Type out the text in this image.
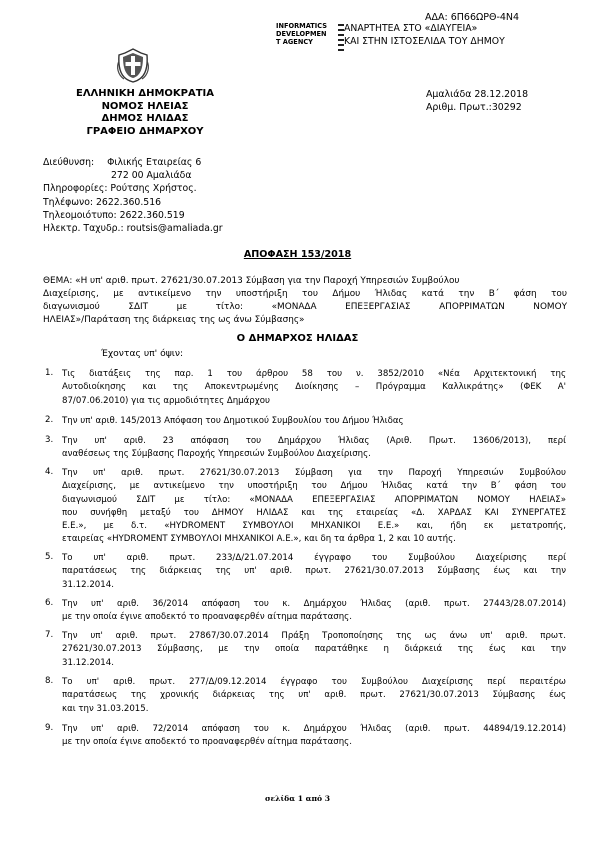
ΑΔΑ: 6Π66ΩΡΘ-4Ν4
INFORMATICS
DEVELOPMEN
T AGENCY
ΑΝΑΡΤΗΤΕΑ ΣΤΟ «ΔΙΑΥΓΕΙΑ»
ΚΑΙ ΣΤΗΝ ΙΣΤΟΣΕΛΙΔΑ ΤΟΥ ΔΗΜΟΥ
ΕΛΛΗΝΙΚΗ ΔΗΜΟΚΡΑΤΙΑ
ΝΟΜΟΣ ΗΛΕΙΑΣ
ΔΗΜΟΣ ΗΛΙΔΑΣ
ΓΡΑΦΕΙΟ ΔΗΜΑΡΧΟΥ
Αμαλιάδα 28.12.2018
Αριθμ. Πρωτ.:30292
Διεύθυνση: Φιλικής Εταιρείας 6
272 00 Αμαλιάδα
Πληροφορίες: Ρούτσης Χρήστος.
Τηλέφωνο: 2622.360.516
Τηλεομοιότυπο: 2622.360.519
Ηλεκτρ. Ταχυδρ.: routsis@amaliada.gr
ΑΠΟΦΑΣΗ 153/2018
ΘΕΜΑ: «Η υπ' αριθ. πρωτ. 27621/30.07.2013 Σύμβαση για την Παροχή Υπηρεσιών Συμβούλου
Διαχείρισης, με αντικείμενο την υποστήριξη του Δήμου Ήλιδας κατά την Β΄ φάση του
διαγωνισμού ΣΔΙΤ με τίτλο: «ΜΟΝΑΔΑ ΕΠΕΞΕΡΓΑΣΙΑΣ ΑΠΟΡΡΙΜΑΤΩΝ ΝΟΜΟΥ
ΗΛΕΙΑΣ»/Παράταση της διάρκειας της ως άνω Σύμβασης»
Ο ΔΗΜΑΡΧΟΣ ΗΛΙΔΑΣ
Έχοντας υπ' όψιν:
1. Τις διατάξεις της παρ. 1 του άρθρου 58 του ν. 3852/2010 «Νέα Αρχιτεκτονική της
Αυτοδιοίκησης και της Αποκεντρωμένης Διοίκησης – Πρόγραμμα Καλλικράτης» (ΦΕΚ Α'
87/07.06.2010) για τις αρμοδιότητες Δημάρχου
2. Την υπ' αριθ. 145/2013 Απόφαση του Δημοτικού Συμβουλίου του Δήμου Ήλιδας
3. Την υπ' αριθ. 23 απόφαση του Δημάρχου Ήλιδας (Αριθ. Πρωτ. 13606/2013), περί
αναθέσεως της Σύμβασης Παροχής Υπηρεσιών Συμβούλου Διαχείρισης.
4. Την υπ' αριθ. πρωτ. 27621/30.07.2013 Σύμβαση για την Παροχή Υπηρεσιών Συμβούλου
Διαχείρισης, με αντικείμενο την υποστήριξη του Δήμου Ήλιδας κατά την Β΄ φάση του
διαγωνισμού ΣΔΙΤ με τίτλο: «ΜΟΝΑΔΑ ΕΠΕΞΕΡΓΑΣΙΑΣ ΑΠΟΡΡΙΜΑΤΩΝ ΝΟΜΟΥ ΗΛΕΙΑΣ»
που συνήφθη μεταξύ του ΔΗΜΟΥ ΗΛΙΔΑΣ και της εταιρείας «Δ. ΧΑΡΔΑΣ ΚΑΙ ΣΥΝΕΡΓΑΤΕΣ
Ε.Ε.», με δ.τ. «HYDROMENT ΣΥΜΒΟΥΛΟΙ ΜΗΧΑΝΙΚΟΙ Ε.Ε.» και, ήδη εκ μετατροπής,
εταιρείας «HYDROMENT ΣΥΜΒΟΥΛΟΙ ΜΗΧΑΝΙΚΟΙ Α.Ε.», και δη τα άρθρα 1, 2 και 10 αυτής.
5. Το υπ' αριθ. πρωτ. 233/Δ/21.07.2014 έγγραφο του Συμβούλου Διαχείρισης περί
παρατάσεως της διάρκειας της υπ' αριθ. πρωτ. 27621/30.07.2013 Σύμβασης έως και την
31.12.2014.
6. Την υπ' αριθ. 36/2014 απόφαση του κ. Δημάρχου Ήλιδας (αριθ. πρωτ. 27443/28.07.2014)
με την οποία έγινε αποδεκτό το προαναφερθέν αίτημα παράτασης.
7. Την υπ' αριθ. πρωτ. 27867/30.07.2014 Πράξη Τροποποίησης της ως άνω υπ' αριθ. πρωτ.
27621/30.07.2013 Σύμβασης, με την οποία παρατάθηκε η διάρκειά της έως και την
31.12.2014.
8. Το υπ' αριθ. πρωτ. 277/Δ/09.12.2014 έγγραφο του Συμβούλου Διαχείρισης περί περαιτέρω
παρατάσεως της χρονικής διάρκειας της υπ' αριθ. πρωτ. 27621/30.07.2013 Σύμβασης έως
και την 31.03.2015.
9. Την υπ' αριθ. 72/2014 απόφαση του κ. Δημάρχου Ήλιδας (αριθ. πρωτ. 44894/19.12.2014)
με την οποία έγινε αποδεκτό το προαναφερθέν αίτημα παράτασης.
σελίδα 1 από 3
